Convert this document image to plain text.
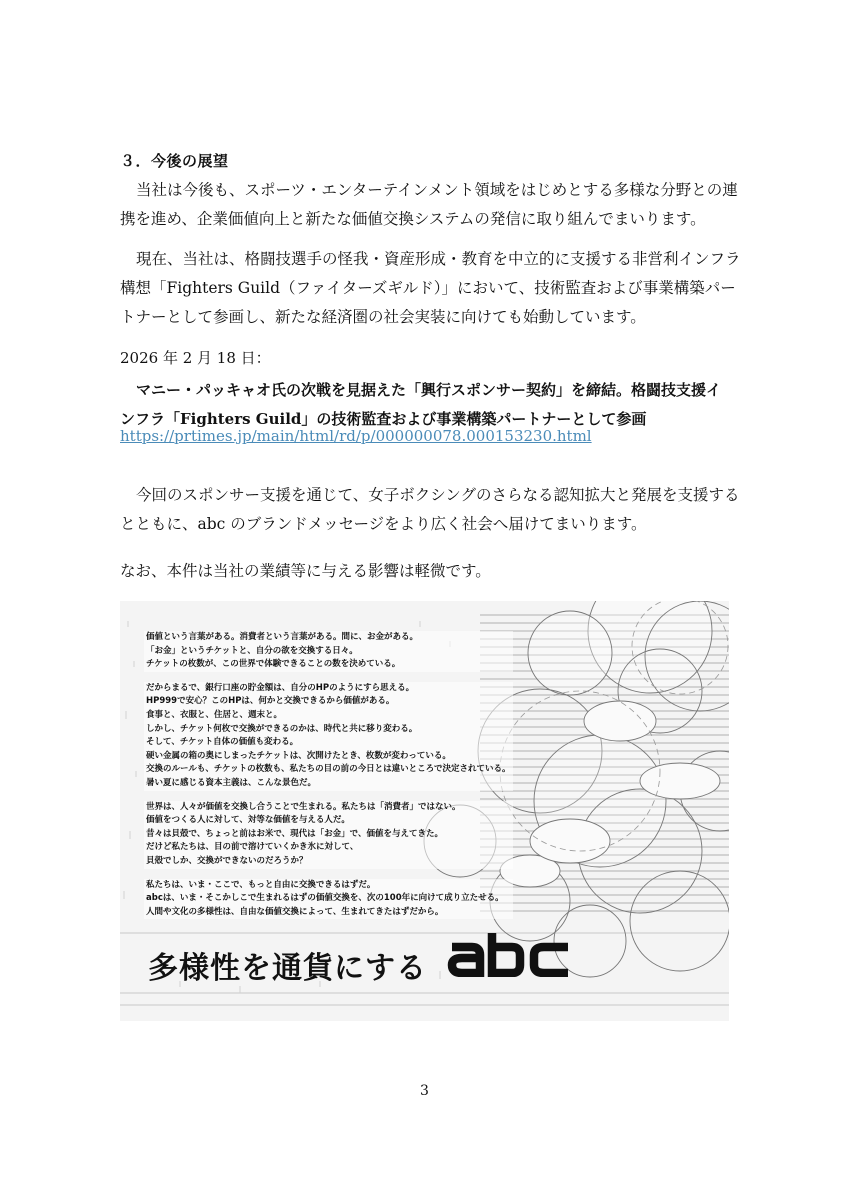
３．今後の展望
当社は今後も、スポーツ・エンターテインメント領域をはじめとする多様な分野との連
携を進め、企業価値向上と新たな価値交換システムの発信に取り組んでまいります。
現在、当社は、格闘技選手の怪我・資産形成・教育を中立的に支援する非営利インフラ
構想「Fighters Guild（ファイターズギルド）」において、技術監査および事業構築パー
トナーとして参画し、新たな経済圏の社会実装に向けても始動しています。
2026 年 2 月 18 日：
マニー・パッキャオ氏の次戦を見据えた「興行スポンサー契約」を締結。格闘技支援イ
ンフラ「Fighters Guild」の技術監査および事業構築パートナーとして参画
https://prtimes.jp/main/html/rd/p/000000078.000153230.html
今回のスポンサー支援を通じて、女子ボクシングのさらなる認知拡大と発展を支援する
とともに、abc のブランドメッセージをより広く社会へ届けてまいります。
なお、本件は当社の業績等に与える影響は軽微です。
価値という言葉がある。消費者という言葉がある。間に、お金がある。
「お金」というチケットと、自分の欲を交換する日々。
チケットの枚数が、この世界で体験できることの数を決めている。
だからまるで、銀行口座の貯金額は、自分のHPのようにすら思える。
HP999で安心？このHPは、何かと交換できるから価値がある。
食事と、衣服と、住居と、週末と。
しかし、チケット何枚で交換ができるのかは、時代と共に移り変わる。
そして、チケット自体の価値も変わる。
硬い金属の箱の奥にしまったチケットは、次開けたとき、枚数が変わっている。
交換のルールも、チケットの枚数も、私たちの目の前の今日とは違いところで決定されている。
暑い夏に感じる資本主義は、こんな景色だ。
世界は、人々が価値を交換し合うことで生まれる。私たちは「消費者」ではない。
価値をつくる人に対して、対等な価値を与える人だ。
昔々は貝殻で、ちょっと前はお米で、現代は「お金」で、価値を与えてきた。
だけど私たちは、目の前で溶けていくかき氷に対して、
貝殻でしか、交換ができないのだろうか？
私たちは、いま・ここで、もっと自由に交換できるはずだ。
abcは、いま・そこかしこで生まれるはずの価値交換を、次の100年に向けて成り立たせる。
人間や文化の多様性は、自由な価値交換によって、生まれてきたはずだから。
多様性を通貨にする
abc
3
